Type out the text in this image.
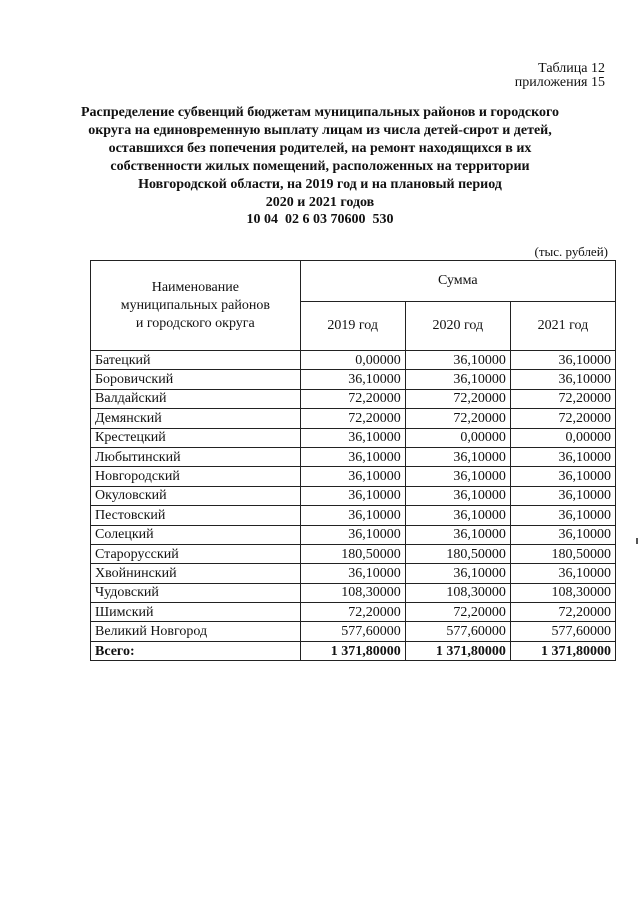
Таблица 12
приложения 15
Распределение субвенций бюджетам муниципальных районов и городского
округа на единовременную выплату лицам из числа детей-сирот и детей,
оставшихся без попечения родителей, на ремонт находящихся в их
собственности жилых помещений, расположенных на территории
Новгородской области, на 2019 год и на плановый период
2020 и 2021 годов
10 04  02 6 03 70600  530
(тыс. рублей)
Наименование
муниципальных районов
и городского округа	Сумма		
	2019 год	2020 год	2021 год
Батецкий	0,00000	36,10000	36,10000
Боровичский	36,10000	36,10000	36,10000
Валдайский	72,20000	72,20000	72,20000
Демянский	72,20000	72,20000	72,20000
Крестецкий	36,10000	0,00000	0,00000
Любытинский	36,10000	36,10000	36,10000
Новгородский	36,10000	36,10000	36,10000
Окуловский	36,10000	36,10000	36,10000
Пестовский	36,10000	36,10000	36,10000
Солецкий	36,10000	36,10000	36,10000
Старорусский	180,50000	180,50000	180,50000
Хвойнинский	36,10000	36,10000	36,10000
Чудовский	108,30000	108,30000	108,30000
Шимский	72,20000	72,20000	72,20000
Великий Новгород	577,60000	577,60000	577,60000
Всего:	1 371,80000	1 371,80000	1 371,80000
